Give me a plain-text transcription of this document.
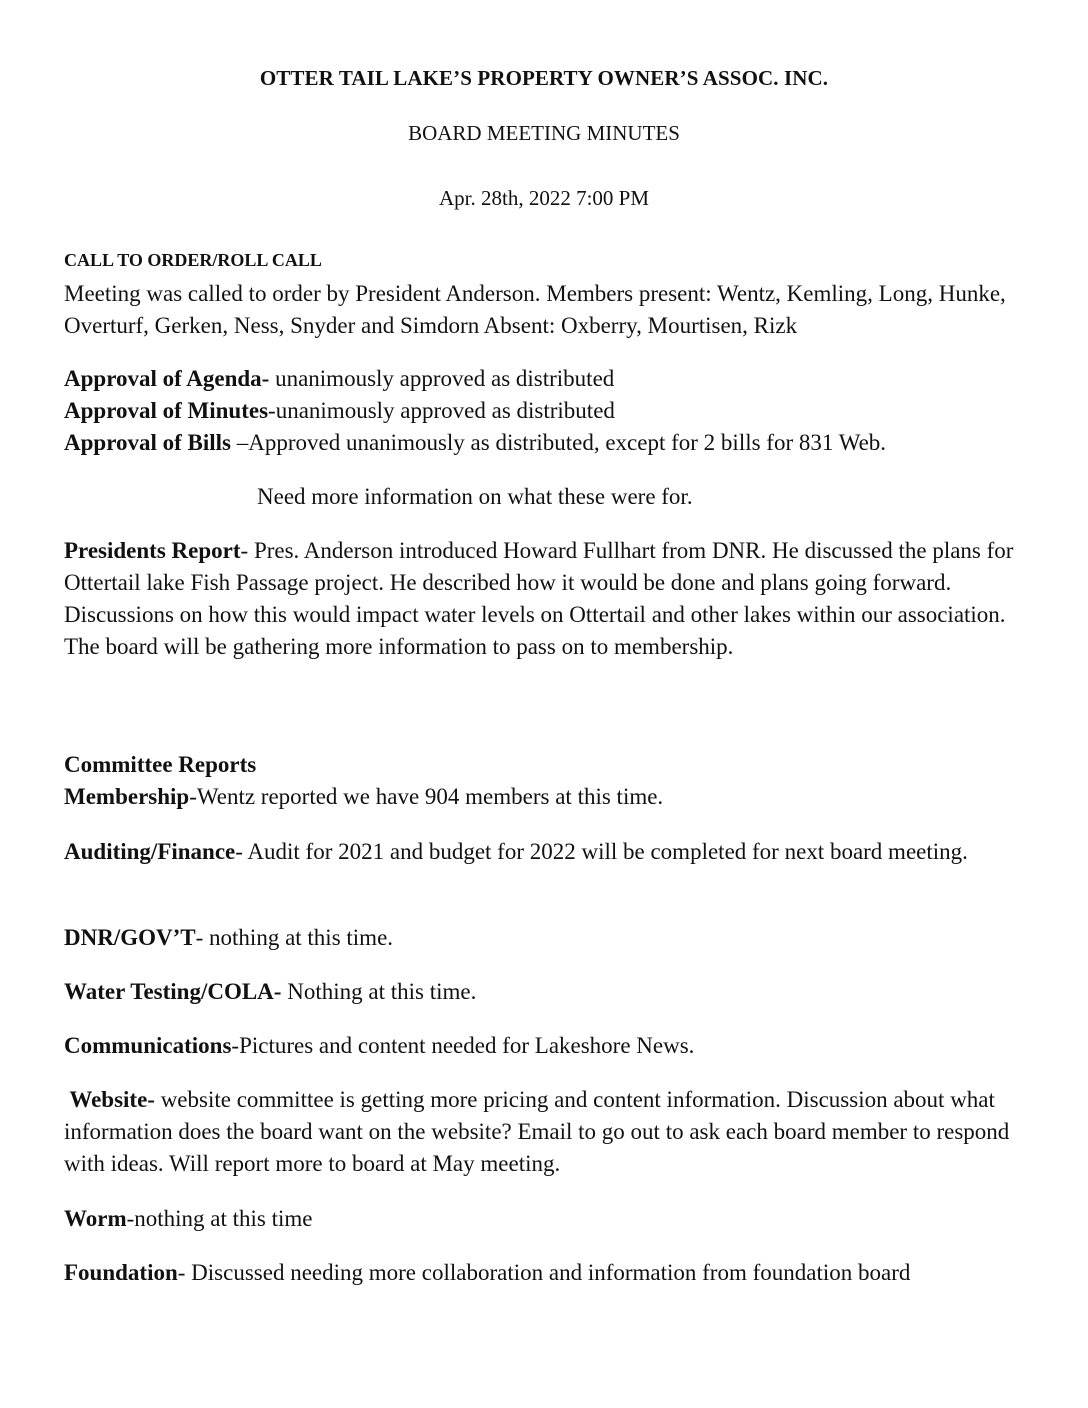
OTTER TAIL LAKE’S PROPERTY OWNER’S ASSOC. INC.
BOARD MEETING MINUTES
Apr. 28th, 2022 7:00 PM
CALL TO ORDER/ROLL CALL
Meeting was called to order by President Anderson. Members present: Wentz, Kemling, Long, Hunke, Overturf, Gerken, Ness, Snyder and Simdorn Absent: Oxberry, Mourtisen, Rizk

Approval of Agenda- unanimously approved as distributed

Approval of Minutes-unanimously approved as distributed

Approval of Bills –Approved unanimously as distributed, except for 2 bills for 831 Web.

Need more information on what these were for.
Presidents Report- Pres. Anderson introduced Howard Fullhart from DNR. He discussed the plans for Ottertail lake Fish Passage project. He described how it would be done and plans going forward. Discussions on how this would impact water levels on Ottertail and other lakes within our association. The board will be gathering more information to pass on to membership.
Committee Reports
Membership-Wentz reported we have 904 members at this time.
Auditing/Finance- Audit for 2021 and budget for 2022 will be completed for next board meeting.
DNR/GOV’T- nothing at this time.
Water Testing/COLA- Nothing at this time.
Communications-Pictures and content needed for Lakeshore News.
Website- website committee is getting more pricing and content information. Discussion about what information does the board want on the website? Email to go out to ask each board member to respond with ideas. Will report more to board at May meeting.
Worm-nothing at this time
Foundation- Discussed needing more collaboration and information from foundation board
